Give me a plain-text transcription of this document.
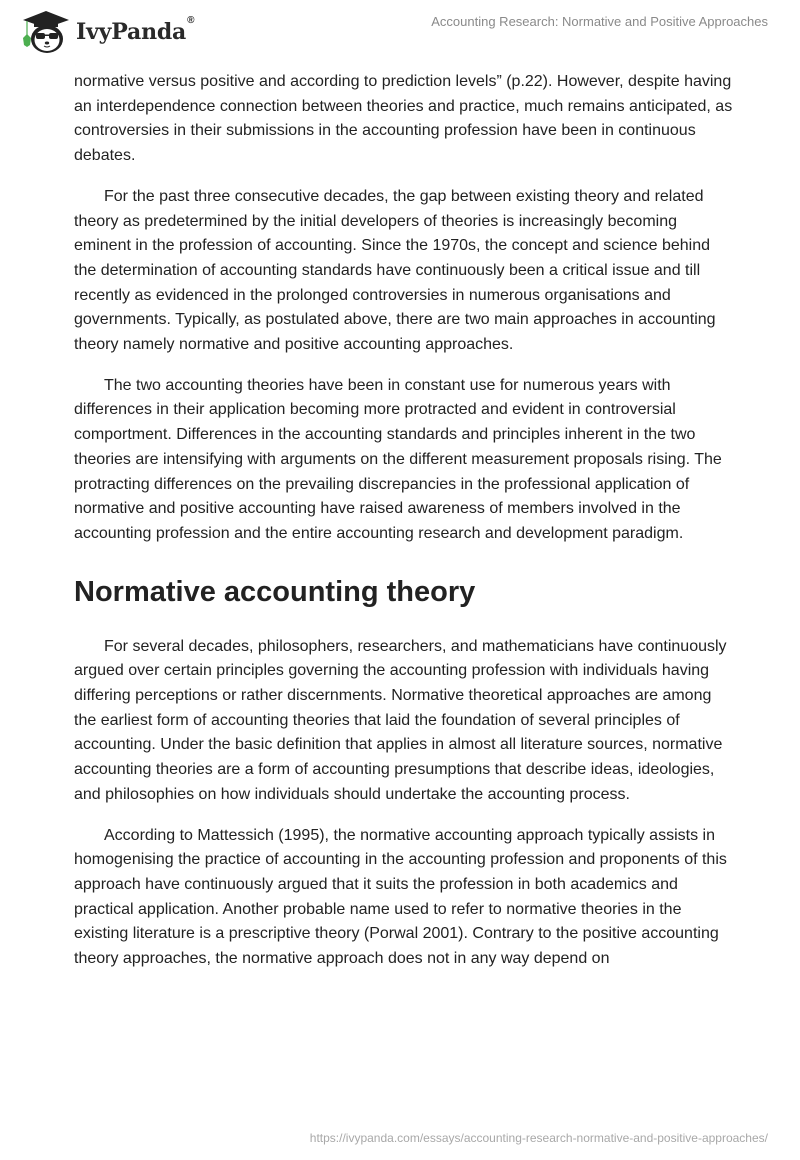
IvyPanda®	Accounting Research: Normative and Positive Approaches

normative versus positive and according to prediction levels” (p.22). However, despite having an interdependence connection between theories and practice, much remains anticipated, as controversies in their submissions in the accounting profession have been in continuous debates.

For the past three consecutive decades, the gap between existing theory and related theory as predetermined by the initial developers of theories is increasingly becoming eminent in the profession of accounting. Since the 1970s, the concept and science behind the determination of accounting standards have continuously been a critical issue and till recently as evidenced in the prolonged controversies in numerous organisations and governments. Typically, as postulated above, there are two main approaches in accounting theory namely normative and positive accounting approaches.

The two accounting theories have been in constant use for numerous years with differences in their application becoming more protracted and evident in controversial comportment. Differences in the accounting standards and principles inherent in the two theories are intensifying with arguments on the different measurement proposals rising. The protracting differences on the prevailing discrepancies in the professional application of normative and positive accounting have raised awareness of members involved in the accounting profession and the entire accounting research and development paradigm.

Normative accounting theory

For several decades, philosophers, researchers, and mathematicians have continuously argued over certain principles governing the accounting profession with individuals having differing perceptions or rather discernments. Normative theoretical approaches are among the earliest form of accounting theories that laid the foundation of several principles of accounting. Under the basic definition that applies in almost all literature sources, normative accounting theories are a form of accounting presumptions that describe ideas, ideologies, and philosophies on how individuals should undertake the accounting process.

According to Mattessich (1995), the normative accounting approach typically assists in homogenising the practice of accounting in the accounting profession and proponents of this approach have continuously argued that it suits the profession in both academics and practical application. Another probable name used to refer to normative theories in the existing literature is a prescriptive theory (Porwal 2001). Contrary to the positive accounting theory approaches, the normative approach does not in any way depend on

https://ivypanda.com/essays/accounting-research-normative-and-positive-approaches/
